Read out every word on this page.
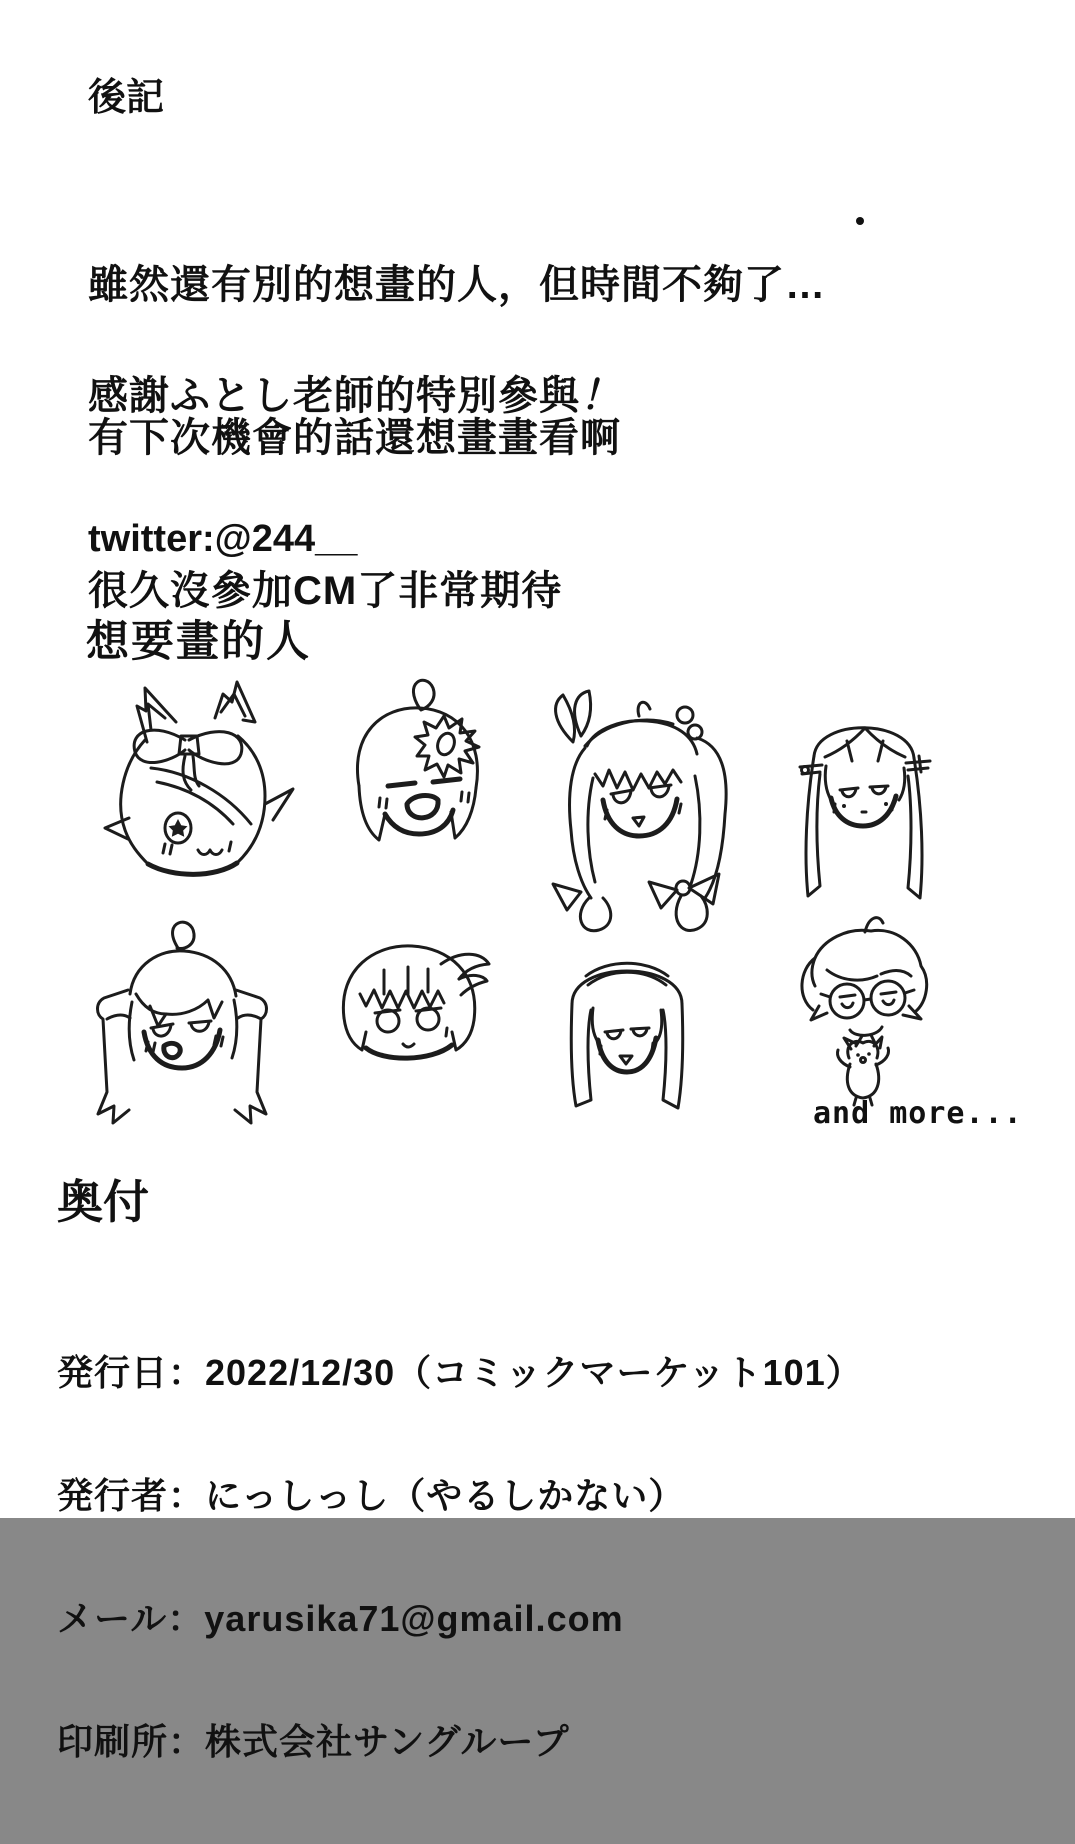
後記

雖然還有別的想畫的人，但時間不夠了…

有下次機會的話還想畫畫看啊

很久沒參加CM了非常期待

感謝ふとし老師的特別參與！
twitter:@244__
想要畫的人
and more...
奥付

発行日：2022/12/30（コミックマーケット101）

発行者：にっしっし（やるしかない）

メール：yarusika71@gmail.com

印刷所：株式会社サングループ
